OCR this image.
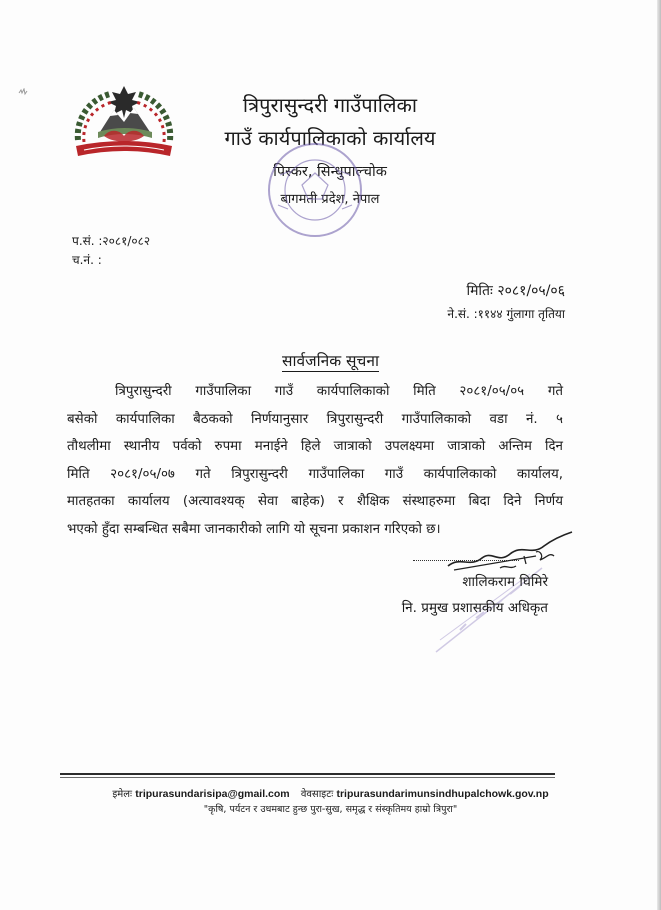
त्रिपुरासुन्दरी गाउँपालिका
गाउँ कार्यपालिकाको कार्यालय
पिस्कर, सिन्धुपाल्चोक
बागमती प्रदेश, नेपाल
प.सं. :२०८१/०८२
च.नं. :
मितिः २०८१/०५/०६
ने.सं. :११४४ गुंलागा तृतिया
सार्वजनिक सूचना
त्रिपुरासुन्दरी गाउँपालिका गाउँ कार्यपालिकाको मिति २०८१/०५/०५ गते
बसेको कार्यपालिका बैठकको निर्णयानुसार त्रिपुरासुन्दरी गाउँपालिकाको वडा नं. ५
तौथलीमा स्थानीय पर्वको रुपमा मनाईने हिले जात्राको उपलक्ष्यमा जात्राको अन्तिम दिन
मिति २०८१/०५/०७ गते त्रिपुरासुन्दरी गाउँपालिका गाउँ कार्यपालिकाको कार्यालय,
मातहतका कार्यालय (अत्यावश्यक् सेवा बाहेक) र शैक्षिक संस्थाहरुमा बिदा दिने निर्णय
भएको हुँदा सम्बन्धित सबैमा जानकारीको लागि यो सूचना प्रकाशन गरिएको छ।
शालिकराम घिमिरे
नि. प्रमुख प्रशासकीय अधिकृत
इमेलः tripurasundarisipa@gmail.com वेवसाइटः tripurasundarimunsindhupalchowk.gov.np
"कृषि, पर्यटन र उधमबाट हुन्छ पुरा-सुख, समृद्ध र संस्कृतिमय हाम्रो त्रिपुरा"
